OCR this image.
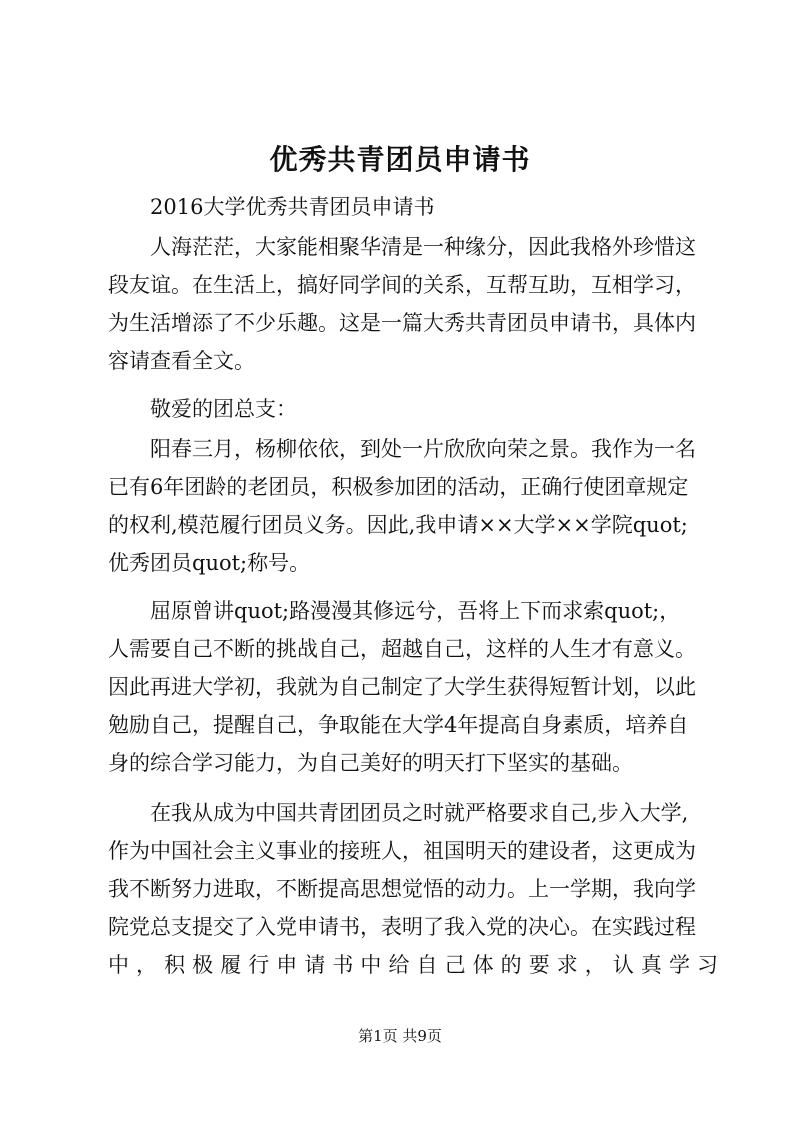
优秀共青团员申请书
2016大学优秀共青团员申请书
人海茫茫，大家能相聚华清是一种缘分，因此我格外珍惜这
段友谊。在生活上，搞好同学间的关系，互帮互助，互相学习，
为生活增添了不少乐趣。这是一篇大秀共青团员申请书，具体内
容请查看全文。
敬爱的团总支：
阳春三月，杨柳依依，到处一片欣欣向荣之景。我作为一名
已有6年团龄的老团员，积极参加团的活动，正确行使团章规定
的权利,模范履行团员义务。因此,我申请××大学××学院quot;
优秀团员quot;称号。
屈原曾讲quot;路漫漫其修远兮，吾将上下而求索quot;，
人需要自己不断的挑战自己，超越自己，这样的人生才有意义。
因此再进大学初，我就为自己制定了大学生获得短暂计划，以此
勉励自己，提醒自己，争取能在大学4年提高自身素质，培养自
身的综合学习能力，为自己美好的明天打下坚实的基础。
在我从成为中国共青团团员之时就严格要求自己,步入大学,
作为中国社会主义事业的接班人，祖国明天的建设者，这更成为
我不断努力进取，不断提高思想觉悟的动力。上一学期，我向学
院党总支提交了入党申请书，表明了我入党的决心。在实践过程
中，积极履行申请书中给自己体的要求，认真学习
第1页 共9页
